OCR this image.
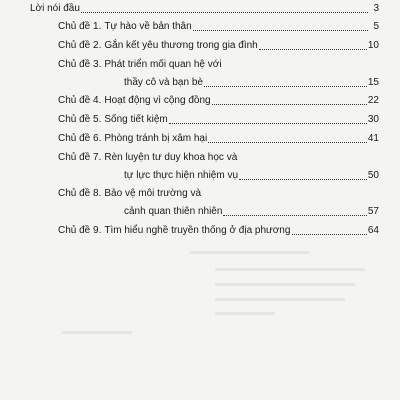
Lời nói đầu	3
Chủ đề 1. Tự hào về bản thân	5
Chủ đề 2. Gắn kết yêu thương trong gia đình	10
Chủ đề 3. Phát triển mối quan hệ với
thầy cô và bạn bè	15
Chủ đề 4. Hoạt động vì cộng đồng	22
Chủ đề 5. Sống tiết kiệm	30
Chủ đề 6. Phòng tránh bị xâm hại	41
Chủ đề 7. Rèn luyện tư duy khoa học và
tự lực thực hiện nhiệm vụ	50
Chủ đề 8. Bảo vệ môi trường và
cảnh quan thiên nhiên	57
Chủ đề 9. Tìm hiểu nghề truyền thống ở địa phương	64
